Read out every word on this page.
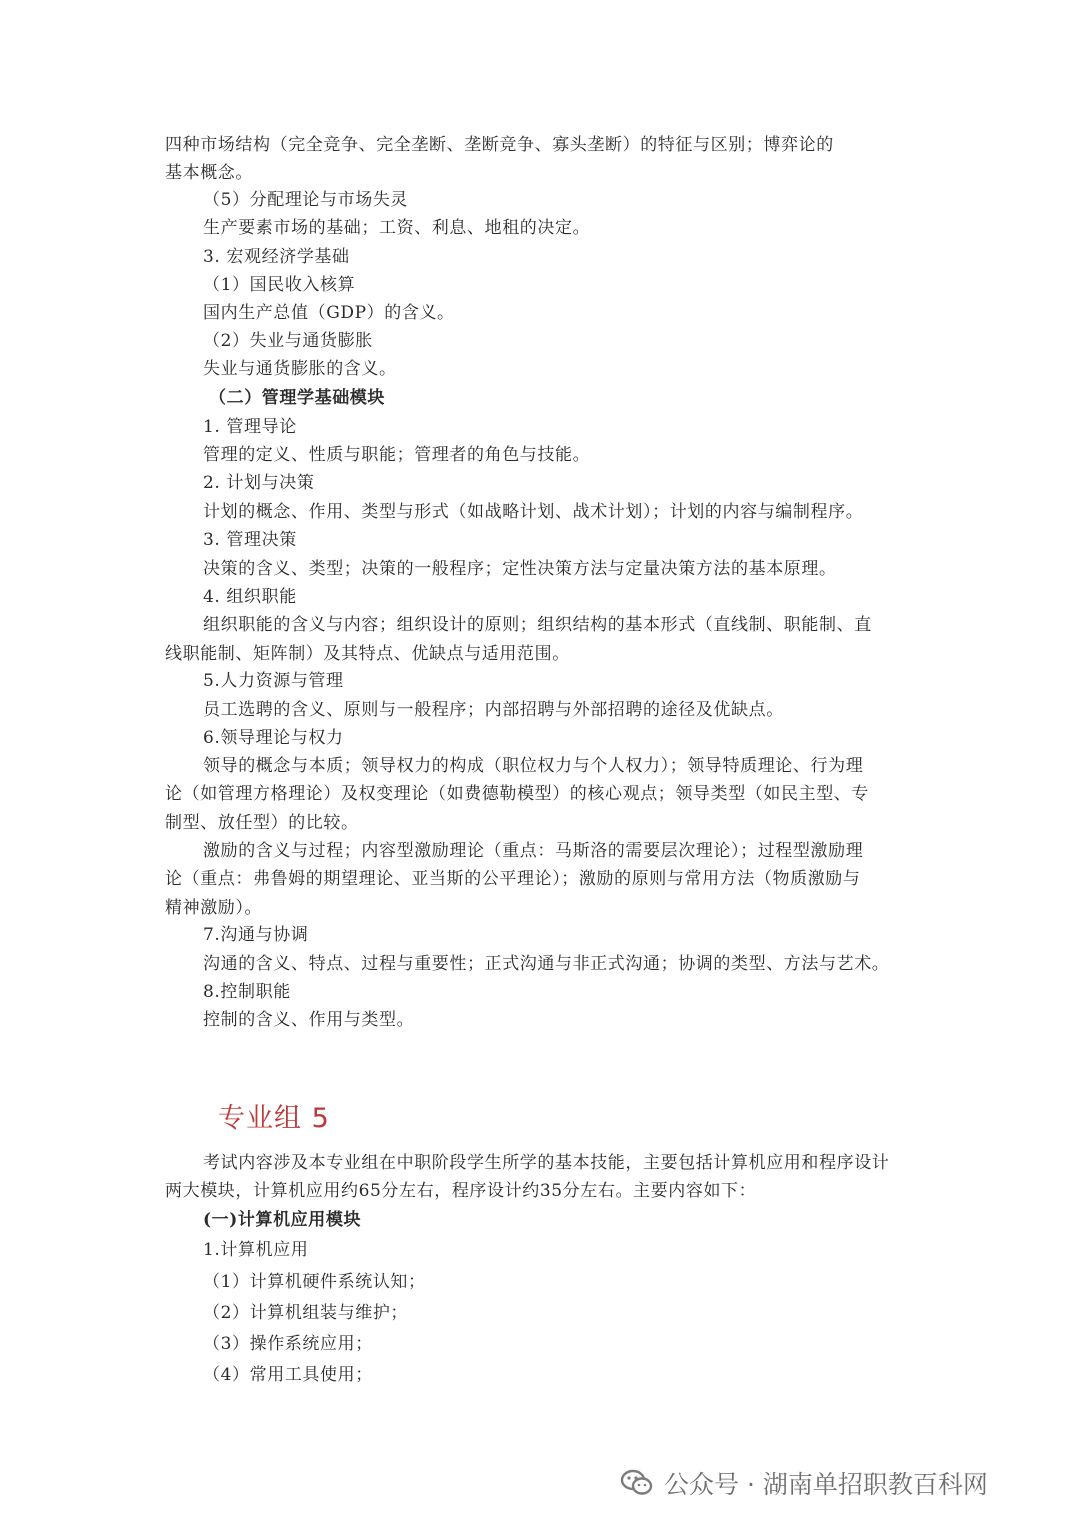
四种市场结构（完全竞争、完全垄断、垄断竞争、寡头垄断）的特征与区别；博弈论的
基本概念。
（5）分配理论与市场失灵
生产要素市场的基础；工资、利息、地租的决定。
3. 宏观经济学基础
（1）国民收入核算
国内生产总值（GDP）的含义。
（2）失业与通货膨胀
失业与通货膨胀的含义。
（二）管理学基础模块
1. 管理导论
管理的定义、性质与职能；管理者的角色与技能。
2. 计划与决策
计划的概念、作用、类型与形式（如战略计划、战术计划）；计划的内容与编制程序。
3. 管理决策
决策的含义、类型；决策的一般程序；定性决策方法与定量决策方法的基本原理。
4. 组织职能
组织职能的含义与内容；组织设计的原则；组织结构的基本形式（直线制、职能制、直
线职能制、矩阵制）及其特点、优缺点与适用范围。
5.人力资源与管理
员工选聘的含义、原则与一般程序；内部招聘与外部招聘的途径及优缺点。
6.领导理论与权力
领导的概念与本质；领导权力的构成（职位权力与个人权力）；领导特质理论、行为理
论（如管理方格理论）及权变理论（如费德勒模型）的核心观点；领导类型（如民主型、专
制型、放任型）的比较。
激励的含义与过程；内容型激励理论（重点：马斯洛的需要层次理论）；过程型激励理
论（重点：弗鲁姆的期望理论、亚当斯的公平理论）；激励的原则与常用方法（物质激励与
精神激励）。
7.沟通与协调
沟通的含义、特点、过程与重要性；正式沟通与非正式沟通；协调的类型、方法与艺术。
8.控制职能
控制的含义、作用与类型。
专业组 5
考试内容涉及本专业组在中职阶段学生所学的基本技能，主要包括计算机应用和程序设计
两大模块，计算机应用约65分左右，程序设计约35分左右。主要内容如下：
(一)计算机应用模块
1.计算机应用
（1）计算机硬件系统认知；
（2）计算机组装与维护；
（3）操作系统应用；
（4）常用工具使用；
公众号 · 湖南单招职教百科网
